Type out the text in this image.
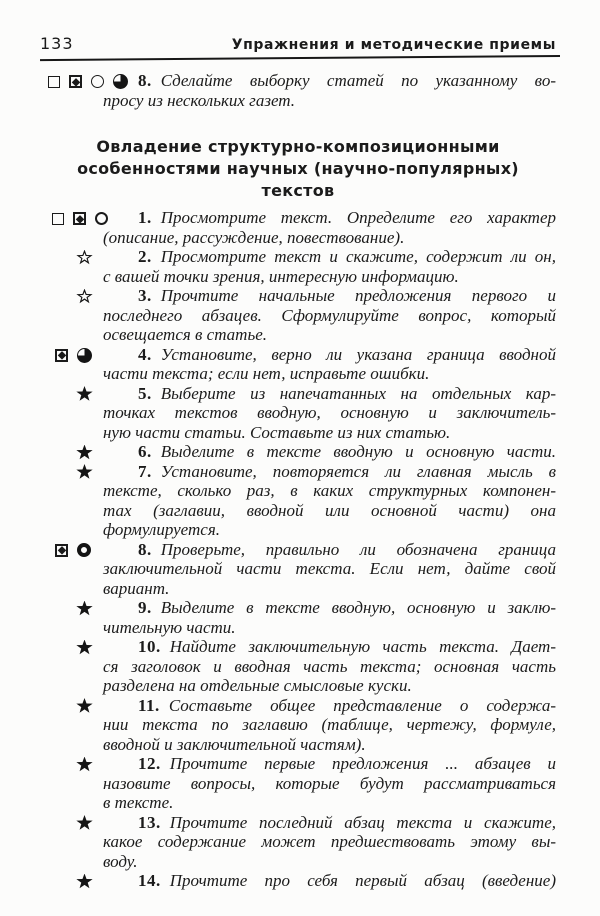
133	Упражнения и методические приемы
8. Сделайте выборку статей по указанному во-
просу из нескольких газет.
Овладение структурно-композиционными
особенностями научных (научно-популярных)
текстов
1. Просмотрите текст. Определите его характер
(описание, рассуждение, повествование).
2. Просмотрите текст и скажите, содержит ли он,
с вашей точки зрения, интересную информацию.
3. Прочтите начальные предложения первого и
последнего абзацев. Сформулируйте вопрос, который
освещается в статье.
4. Установите, верно ли указана граница вводной
части текста; если нет, исправьте ошибки.
5. Выберите из напечатанных на отдельных кар-
точках текстов вводную, основную и заключитель-
ную части статьи. Составьте из них статью.
6. Выделите в тексте вводную и основную части.
7. Установите, повторяется ли главная мысль в
тексте, сколько раз, в каких структурных компонен-
тах (заглавии, вводной или основной части) она
формулируется.
8. Проверьте, правильно ли обозначена граница
заключительной части текста. Если нет, дайте свой
вариант.
9. Выделите в тексте вводную, основную и заклю-
чительную части.
10. Найдите заключительную часть текста. Дает-
ся заголовок и вводная часть текста; основная часть
разделена на отдельные смысловые куски.
11. Составьте общее представление о содержа-
нии текста по заглавию (таблице, чертежу, формуле,
вводной и заключительной частям).
12. Прочтите первые предложения ... абзацев и
назовите вопросы, которые будут рассматриваться
в тексте.
13. Прочтите последний абзац текста и скажите,
какое содержание может предшествовать этому вы-
воду.
14. Прочтите про себя первый абзац (введение)
